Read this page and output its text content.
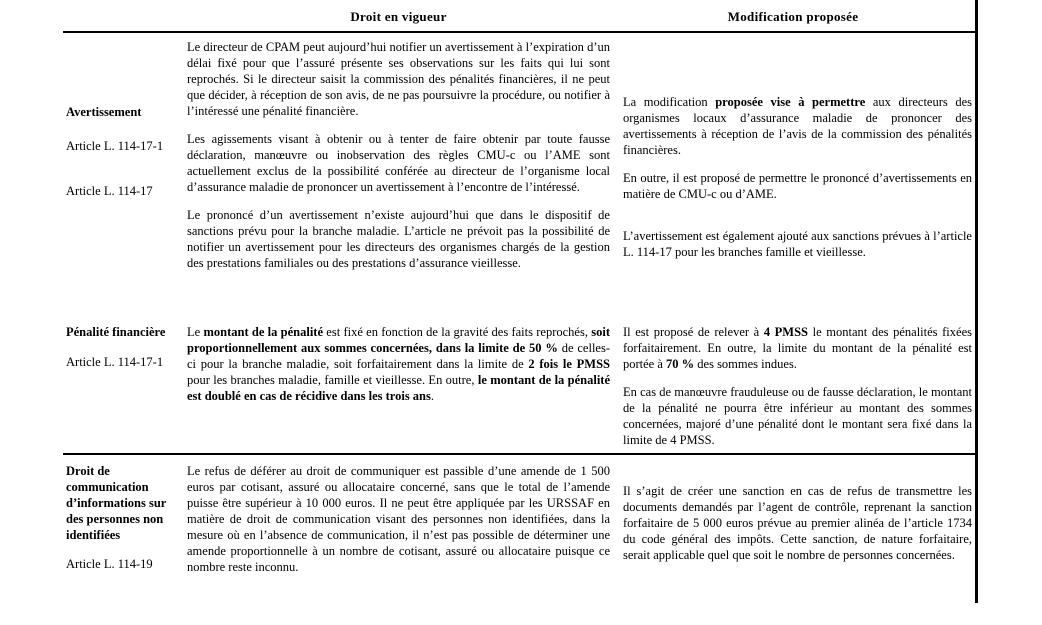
Droit en vigueur	Modification proposée

Avertissement

Article L. 114-17-1

Article L. 114-17

Le directeur de CPAM peut aujourd’hui notifier un avertissement à l’expiration d’un délai fixé pour que l’assuré présente ses observations sur les faits qui lui sont reprochés. Si le directeur saisit la commission des pénalités financières, il ne peut que décider, à réception de son avis, de ne pas poursuivre la procédure, ou notifier à l’intéressé une pénalité financière.

Les agissements visant à obtenir ou à tenter de faire obtenir par toute fausse déclaration, manœuvre ou inobservation des règles CMU-c ou l’AME sont actuellement exclus de la possibilité conférée au directeur de l’organisme local d’assurance maladie de prononcer un avertissement à l’encontre de l’intéressé.

Le prononcé d’un avertissement n’existe aujourd’hui que dans le dispositif de sanctions prévu pour la branche maladie. L’article ne prévoit pas la possibilité de notifier un avertissement pour les directeurs des organismes chargés de la gestion des prestations familiales ou des prestations d’assurance vieillesse.

La modification proposée vise à permettre aux directeurs des organismes locaux d’assurance maladie de prononcer des avertissements à réception de l’avis de la commission des pénalités financières.

En outre, il est proposé de permettre le prononcé d’avertissements en matière de CMU-c ou d’AME.

L’avertissement est également ajouté aux sanctions prévues à l’article L. 114-17 pour les branches famille et vieillesse.

Pénalité financière

Article L. 114-17-1

Le montant de la pénalité est fixé en fonction de la gravité des faits reprochés, soit proportionnellement aux sommes concernées, dans la limite de 50 % de celles-ci pour la branche maladie, soit forfaitairement dans la limite de 2 fois le PMSS pour les branches maladie, famille et vieillesse. En outre, le montant de la pénalité est doublé en cas de récidive dans les trois ans.

Il est proposé de relever à 4 PMSS le montant des pénalités fixées forfaitairement. En outre, la limite du montant de la pénalité est portée à 70 % des sommes indues.

En cas de manœuvre frauduleuse ou de fausse déclaration, le montant de la pénalité ne pourra être inférieur au montant des sommes concernées, majoré d’une pénalité dont le montant sera fixé dans la limite de 4 PMSS.

Droit de communication d’informations sur des personnes non identifiées

Article L. 114-19

Le refus de déférer au droit de communiquer est passible d’une amende de 1 500 euros par cotisant, assuré ou allocataire concerné, sans que le total de l’amende puisse être supérieur à 10 000 euros. Il ne peut être appliquée par les URSSAF en matière de droit de communication visant des personnes non identifiées, dans la mesure où en l’absence de communication, il n’est pas possible de déterminer une amende proportionnelle à un nombre de cotisant, assuré ou allocataire puisque ce nombre reste inconnu.

Il s’agit de créer une sanction en cas de refus de transmettre les documents demandés par l’agent de contrôle, reprenant la sanction forfaitaire de 5 000 euros prévue au premier alinéa de l’article 1734 du code général des impôts. Cette sanction, de nature forfaitaire, serait applicable quel que soit le nombre de personnes concernées.
